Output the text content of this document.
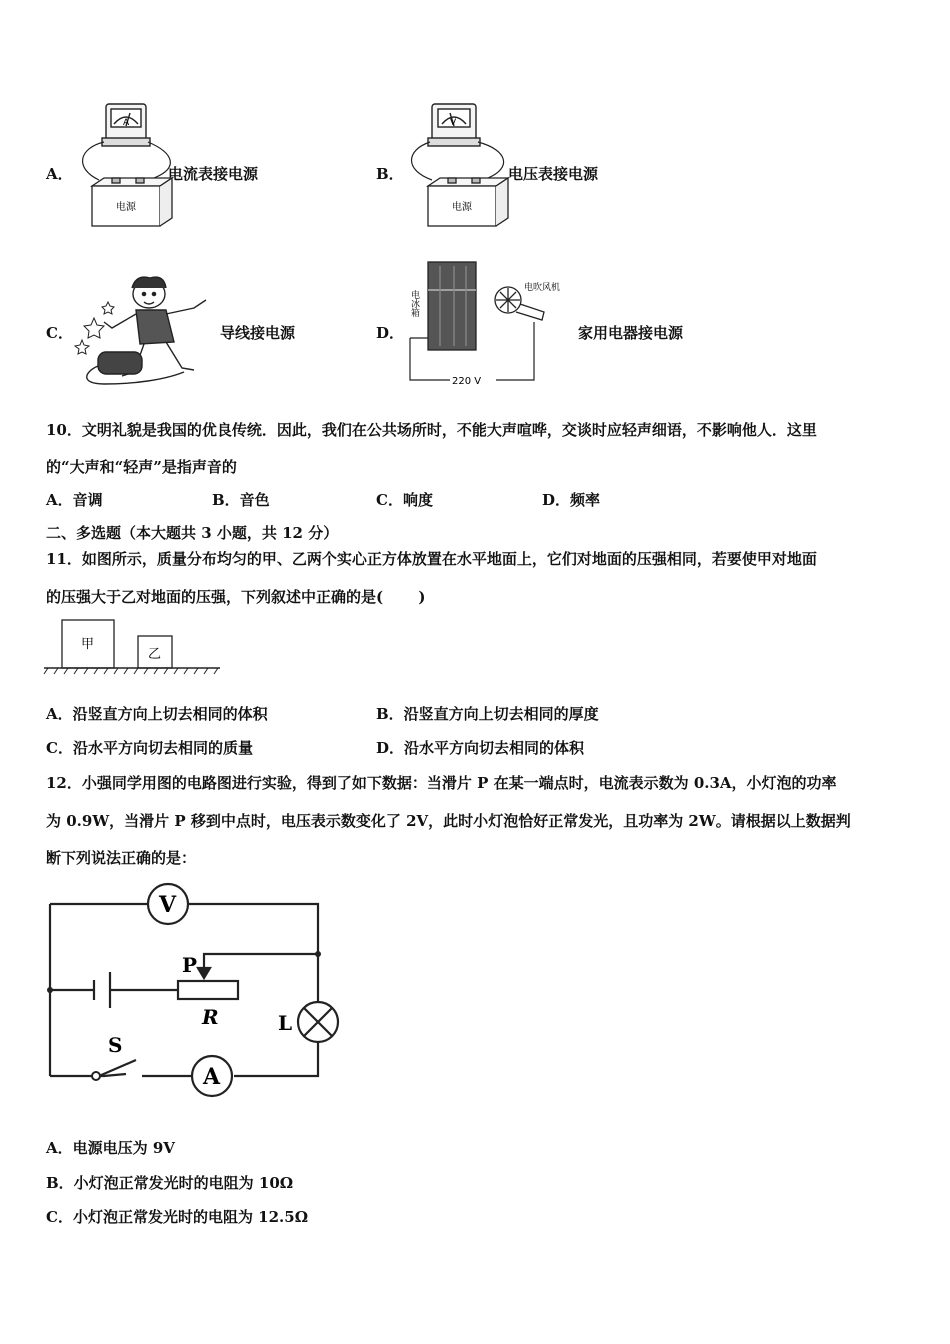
A．
A
电源
电流表接电源	B．
V
电源
电压表接电源
C．	导线接电源	D．
电冰箱
电吹风机
220 V
家用电器接电源
10．文明礼貌是我国的优良传统．因此，我们在公共场所时，不能大声喧哗，交谈时应轻声细语，不影响他人．这里
的“大声和“轻声”是指声音的
A．音调	B．音色	C．响度	D．频率
二、多选题（本大题共 3 小题，共 12 分）
11．如图所示，质量分布均匀的甲、乙两个实心正方体放置在水平地面上，它们对地面的压强相同，若要使甲对地面
的压强大于乙对地面的压强，下列叙述中正确的是(　　 )
甲
乙
A．沿竖直方向上切去相同的体积	B．沿竖直方向上切去相同的厚度
C．沿水平方向切去相同的质量	D．沿水平方向切去相同的体积
12．小强同学用图的电路图进行实验，得到了如下数据：当滑片 P 在某一端点时，电流表示数为 0.3A，小灯泡的功率
为 0.9W，当滑片 P 移到中点时，电压表示数变化了 2V，此时小灯泡恰好正常发光，且功率为 2W。请根据以上数据判
断下列说法正确的是：
V
A
P
R	L
S
A．电源电压为 9V
B．小灯泡正常发光时的电阻为 10Ω
C．小灯泡正常发光时的电阻为 12.5Ω
